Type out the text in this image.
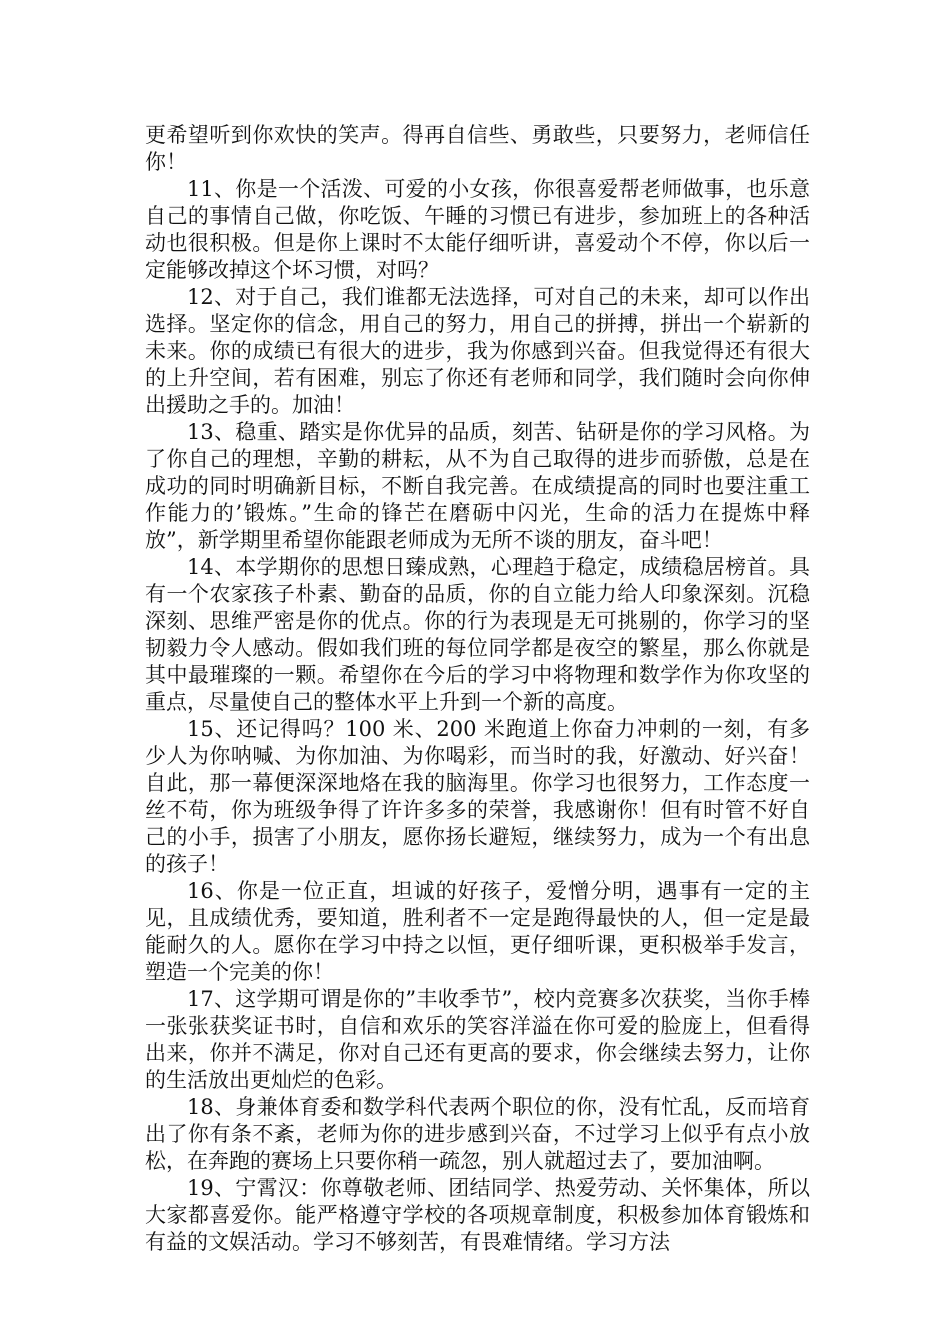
更希望听到你欢快的笑声。得再自信些、勇敢些，只要努力，老师信任你！

11、你是一个活泼、可爱的小女孩，你很喜爱帮老师做事，也乐意自己的事情自己做，你吃饭、午睡的习惯已有进步，参加班上的各种活动也很积极。但是你上课时不太能仔细听讲，喜爱动个不停，你以后一定能够改掉这个坏习惯，对吗？

12、对于自己，我们谁都无法选择，可对自己的未来，却可以作出选择。坚定你的信念，用自己的努力，用自己的拼搏，拼出一个崭新的未来。你的成绩已有很大的进步，我为你感到兴奋。但我觉得还有很大的上升空间，若有困难，别忘了你还有老师和同学，我们随时会向你伸出援助之手的。加油！

13、稳重、踏实是你优异的品质，刻苦、钻研是你的学习风格。为了你自己的理想，辛勤的耕耘，从不为自己取得的进步而骄傲，总是在成功的同时明确新目标，不断自我完善。在成绩提高的同时也要注重工作能力的’锻炼。”生命的锋芒在磨砺中闪光，生命的活力在提炼中释放”，新学期里希望你能跟老师成为无所不谈的朋友，奋斗吧！

14、本学期你的思想日臻成熟，心理趋于稳定，成绩稳居榜首。具有一个农家孩子朴素、勤奋的品质，你的自立能力给人印象深刻。沉稳深刻、思维严密是你的优点。你的行为表现是无可挑剔的，你学习的坚韧毅力令人感动。假如我们班的每位同学都是夜空的繁星，那么你就是其中最璀璨的一颗。希望你在今后的学习中将物理和数学作为你攻坚的重点，尽量使自己的整体水平上升到一个新的高度。

15、还记得吗？100 米、200 米跑道上你奋力冲刺的一刻，有多少人为你呐喊、为你加油、为你喝彩，而当时的我，好激动、好兴奋！自此，那一幕便深深地烙在我的脑海里。你学习也很努力，工作态度一丝不苟，你为班级争得了许许多多的荣誉，我感谢你！但有时管不好自己的小手，损害了小朋友，愿你扬长避短，继续努力，成为一个有出息的孩子！

16、你是一位正直，坦诚的好孩子，爱憎分明，遇事有一定的主见，且成绩优秀，要知道，胜利者不一定是跑得最快的人，但一定是最能耐久的人。愿你在学习中持之以恒，更仔细听课，更积极举手发言，塑造一个完美的你！

17、这学期可谓是你的”丰收季节”，校内竞赛多次获奖，当你手棒一张张获奖证书时，自信和欢乐的笑容洋溢在你可爱的脸庞上，但看得出来，你并不满足，你对自己还有更高的要求，你会继续去努力，让你的生活放出更灿烂的色彩。

18、身兼体育委和数学科代表两个职位的你，没有忙乱，反而培育出了你有条不紊，老师为你的进步感到兴奋，不过学习上似乎有点小放松，在奔跑的赛场上只要你稍一疏忽，别人就超过去了，要加油啊。

19、宁霄汉：你尊敬老师、团结同学、热爱劳动、关怀集体，所以大家都喜爱你。能严格遵守学校的各项规章制度，积极参加体育锻炼和有益的文娱活动。学习不够刻苦，有畏难情绪。学习方法
